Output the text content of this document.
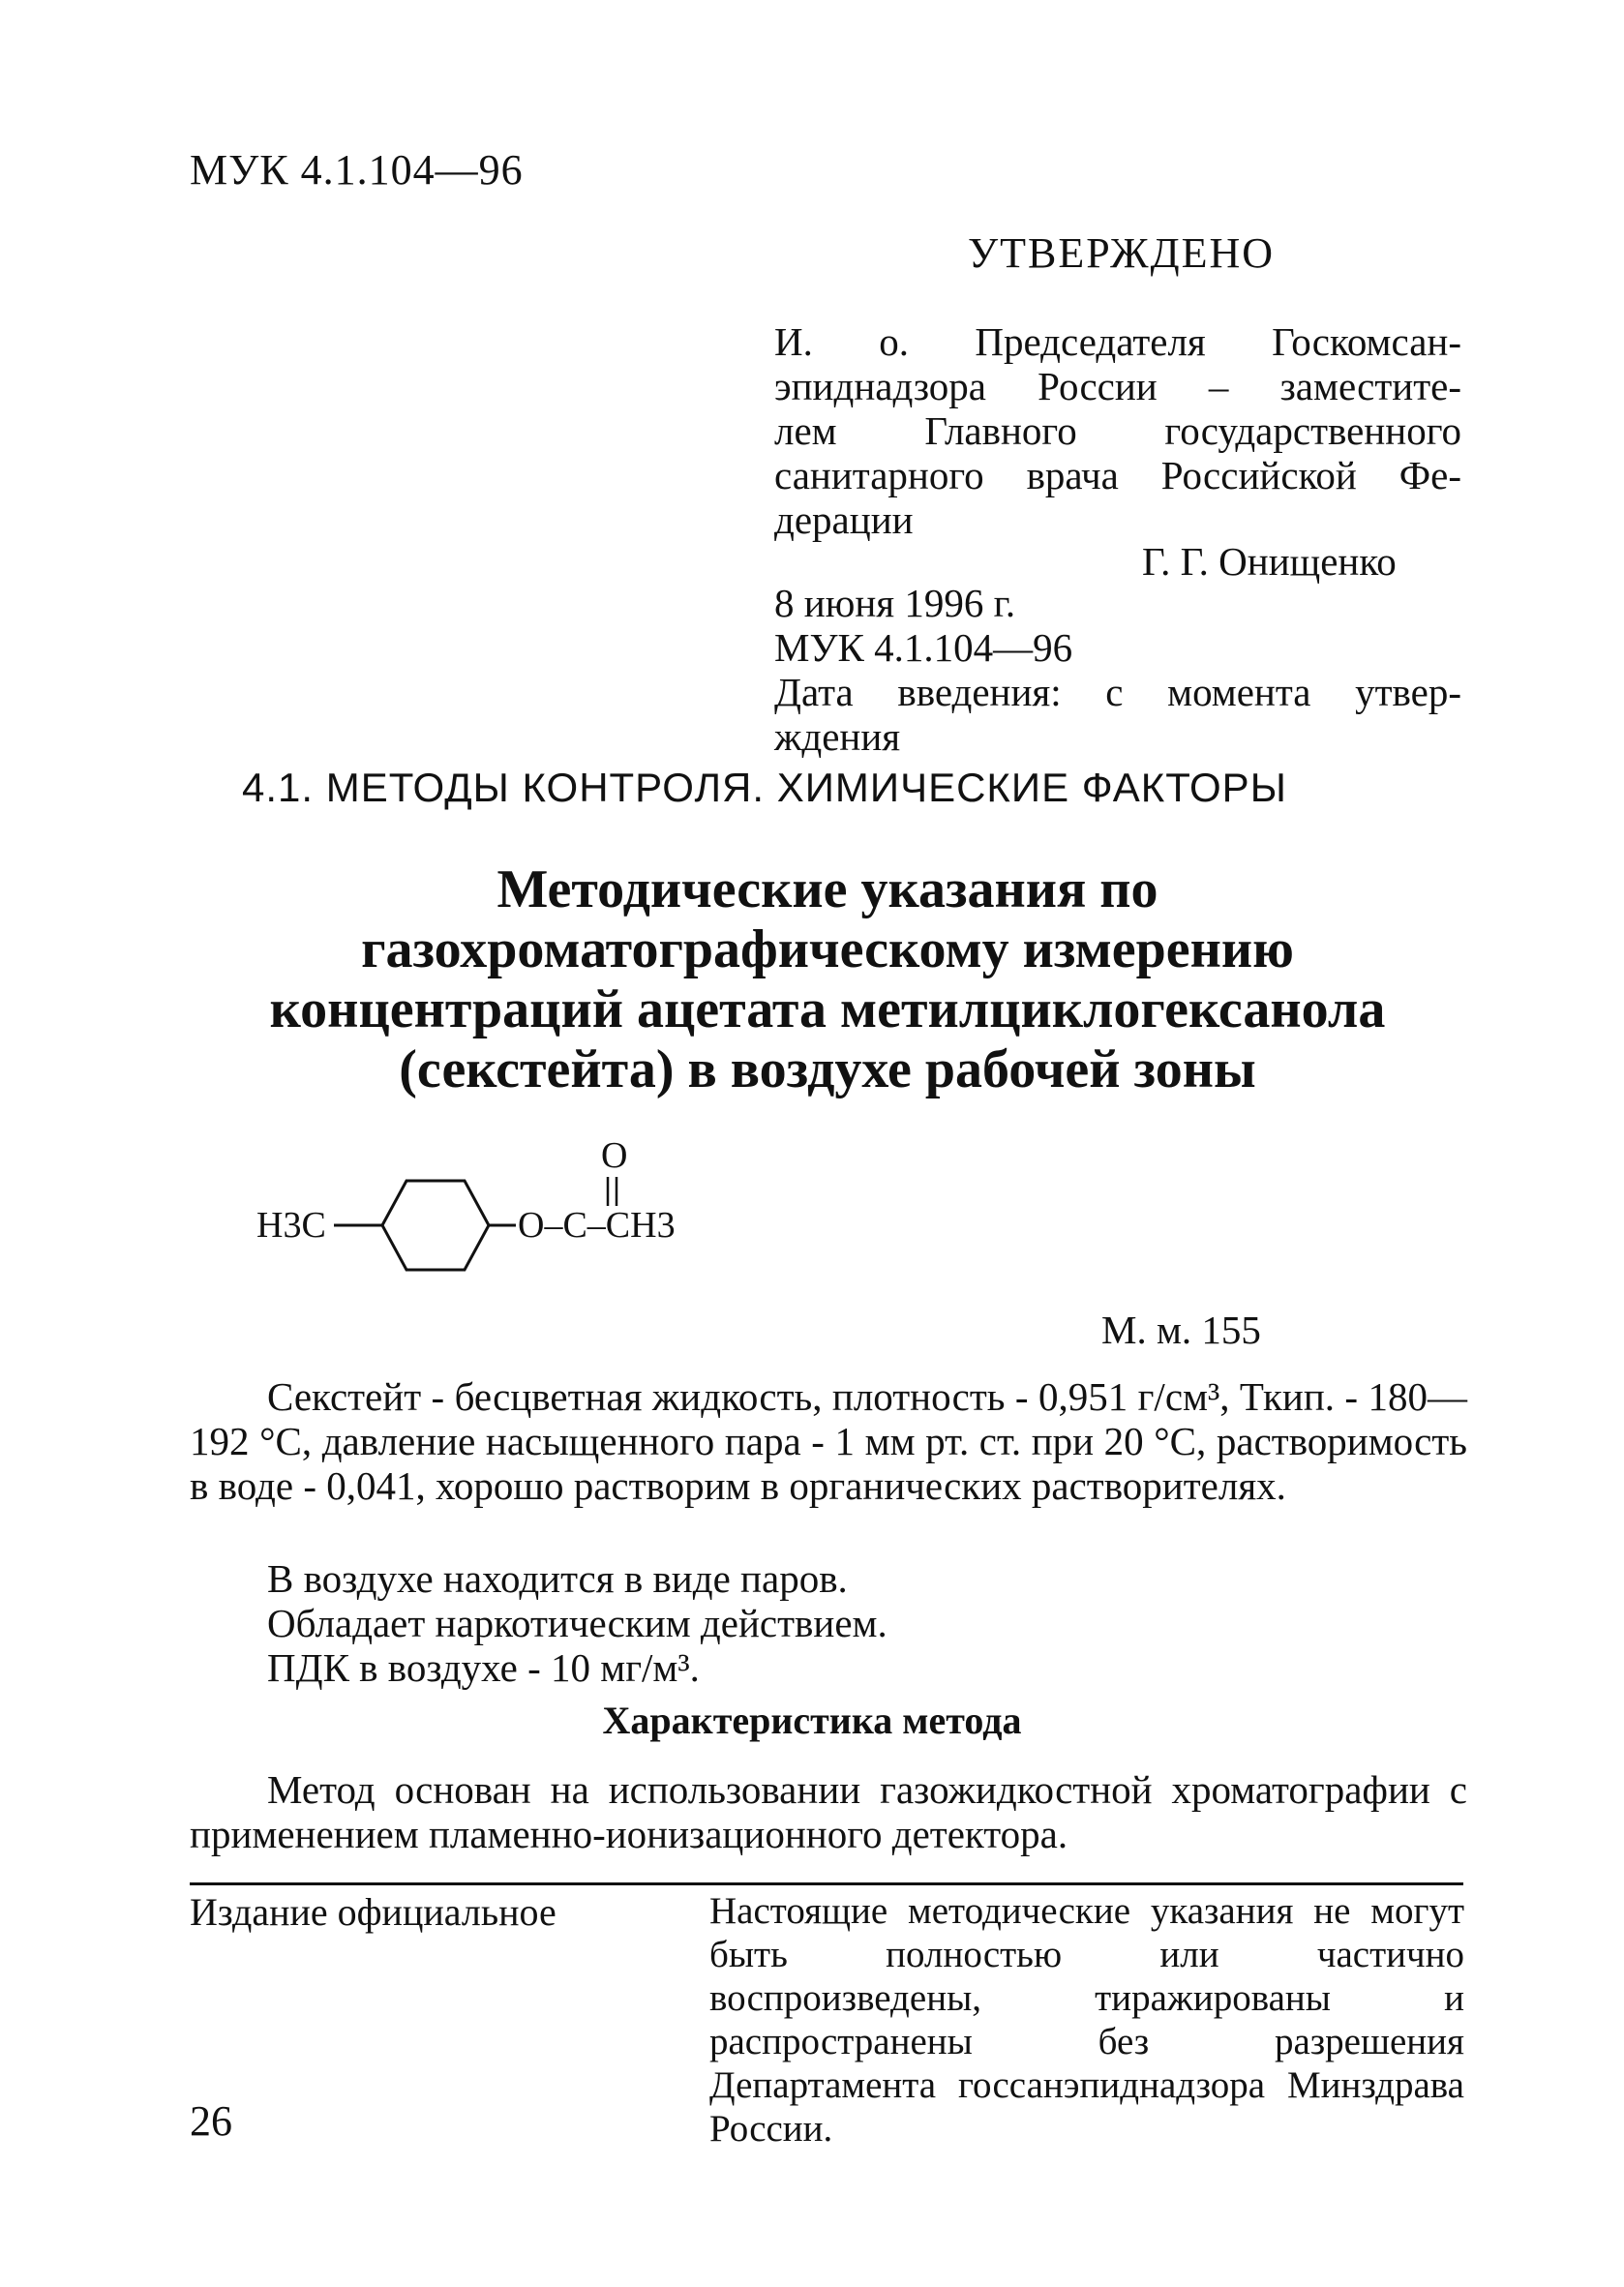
МУК 4.1.104—96
УТВЕРЖДЕНО
И. о. Председателя Госкомсан-
эпиднадзора России – заместите-
лем Главного государственного
санитарного врача Российской Фе-
дерации
Г. Г. Онищенко
8 июня 1996 г.
МУК 4.1.104—96
Дата введения: с момента утвер-
ждения
4.1. МЕТОДЫ КОНТРОЛЯ. ХИМИЧЕСКИЕ ФАКТОРЫ
Методические указания по
газохроматографическому измерению
концентраций ацетата метилциклогексанола
(секстейта) в воздухе рабочей зоны
H3C
O
O–C–CH3
М. м. 155
Секстейт - бесцветная жидкость, плотность - 0,951 г/см³, Ткип. - 180—192 °С, давление насыщенного пара - 1 мм рт. ст. при 20 °С, растворимость в воде - 0,041, хорошо растворим в органических растворителях.
В воздухе находится в виде паров.
Обладает наркотическим действием.
ПДК в воздухе - 10 мг/м³.
Характеристика метода
Метод основан на использовании газожидкостной хроматографии с применением пламенно-ионизационного детектора.
Издание официальное	Настоящие методические указания не могут быть полностью или частично воспроизведены, тиражированы и распространены без разрешения Департамента госсанэпиднадзора Минздрава России.
26
